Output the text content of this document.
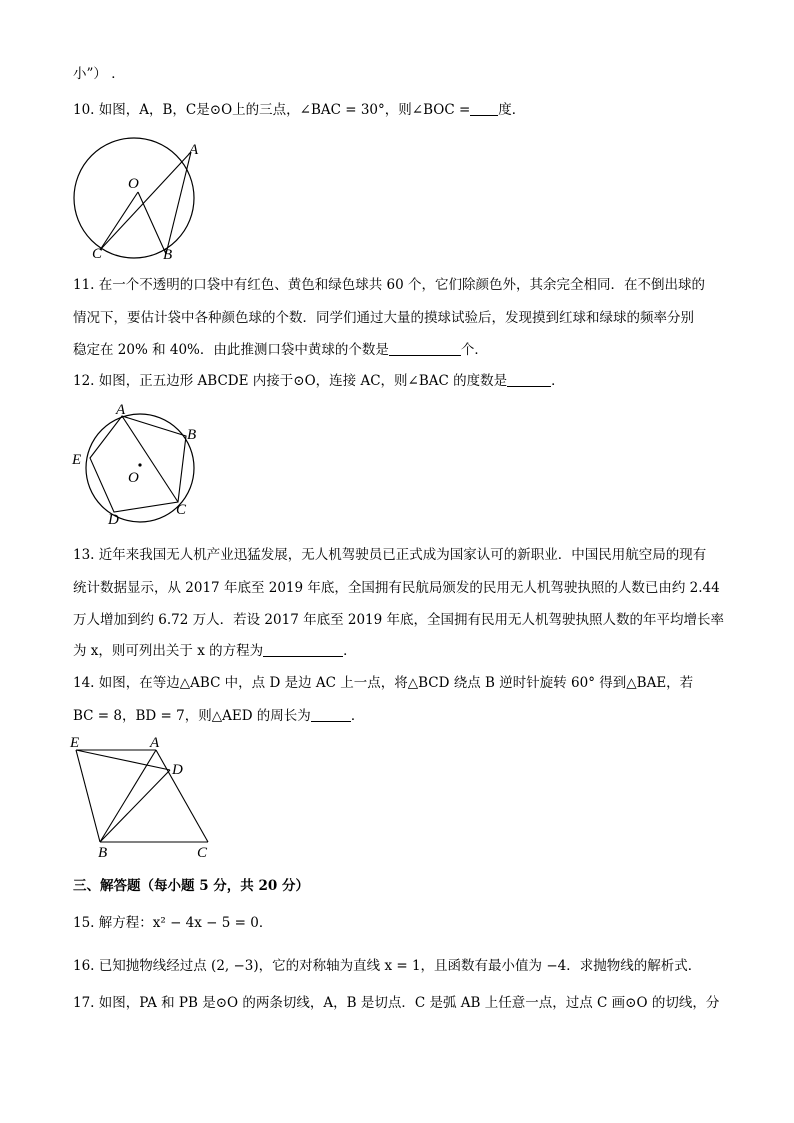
小”） ．
10. 如图，A，B，C是⊙O上的三点，∠BAC = 30°，则∠BOC = 度．
A
O
C	B
11. 在一个不透明的口袋中有红色、黄色和绿色球共 60 个，它们除颜色外，其余完全相同．在不倒出球的
情况下，要估计袋中各种颜色球的个数．同学们通过大量的摸球试验后，发现摸到红球和绿球的频率分别
稳定在 20% 和 40%．由此推测口袋中黄球的个数是	个．
12. 如图，正五边形 ABCDE 内接于⊙O，连接 AC，则∠BAC 的度数是	．
A
B
C
D
E
O
13. 近年来我国无人机产业迅猛发展，无人机驾驶员已正式成为国家认可的新职业．中国民用航空局的现有
统计数据显示，从 2017 年底至 2019 年底，全国拥有民航局颁发的民用无人机驾驶执照的人数已由约 2.44
万人增加到约 6.72 万人．若设 2017 年底至 2019 年底，全国拥有民用无人机驾驶执照人数的年平均增长率
为 x，则可列出关于 x 的方程为	．
14. 如图，在等边△ABC 中，点 D 是边 AC 上一点，将△BCD 绕点 B 逆时针旋转 60° 得到△BAE，若
BC = 8，BD = 7，则△AED 的周长为	．
E	A
D
B	C
三、解答题（每小题 5 分，共 20 分）
15. 解方程：x² − 4x − 5 = 0．
16. 已知抛物线经过点 (2, −3)，它的对称轴为直线 x = 1，且函数有最小值为 −4．求抛物线的解析式．
17. 如图，PA 和 PB 是⊙O 的两条切线，A，B 是切点．C 是弧 AB 上任意一点，过点 C 画⊙O 的切线，分
